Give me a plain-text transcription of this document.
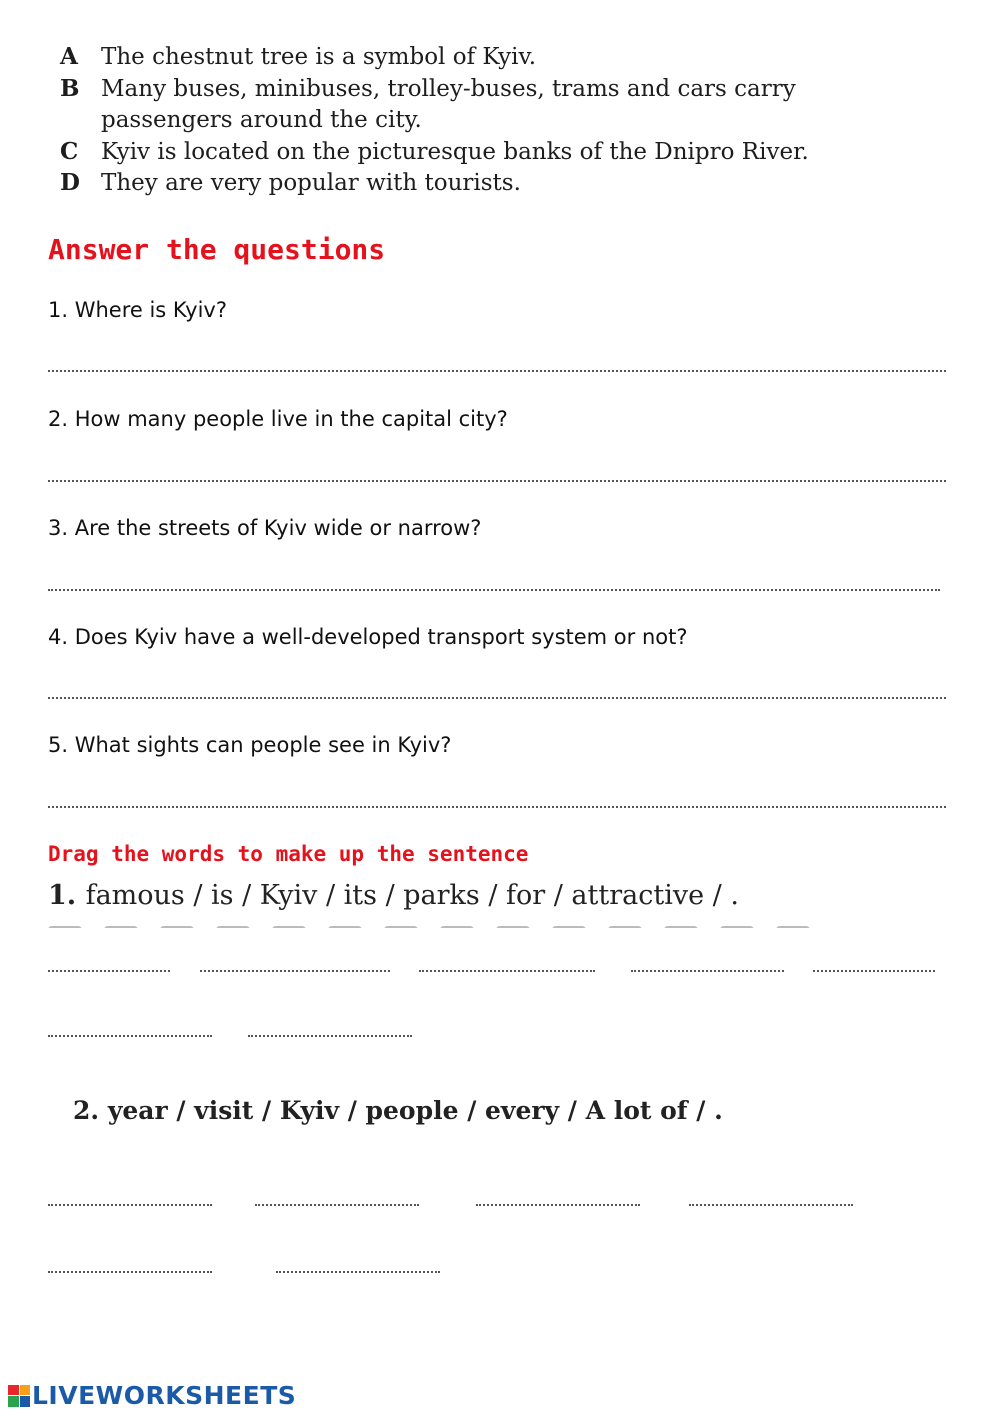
A The chestnut tree is a symbol of Kyiv.
B Many buses, minibuses, trolley-buses, trams and cars carry
passengers around the city.
C Kyiv is located on the picturesque banks of the Dnipro River.
D They are very popular with tourists.
Answer the questions
1. Where is Kyiv?
2. How many people live in the capital city?
3. Are the streets of Kyiv wide or narrow?
4. Does Kyiv have a well-developed transport system or not?
5. What sights can people see in Kyiv?
Drag the words to make up the sentence
1. famous / is / Kyiv / its / parks / for / attractive / .
2. year / visit / Kyiv / people / every / A lot of / .
LIVEWORKSHEETS
